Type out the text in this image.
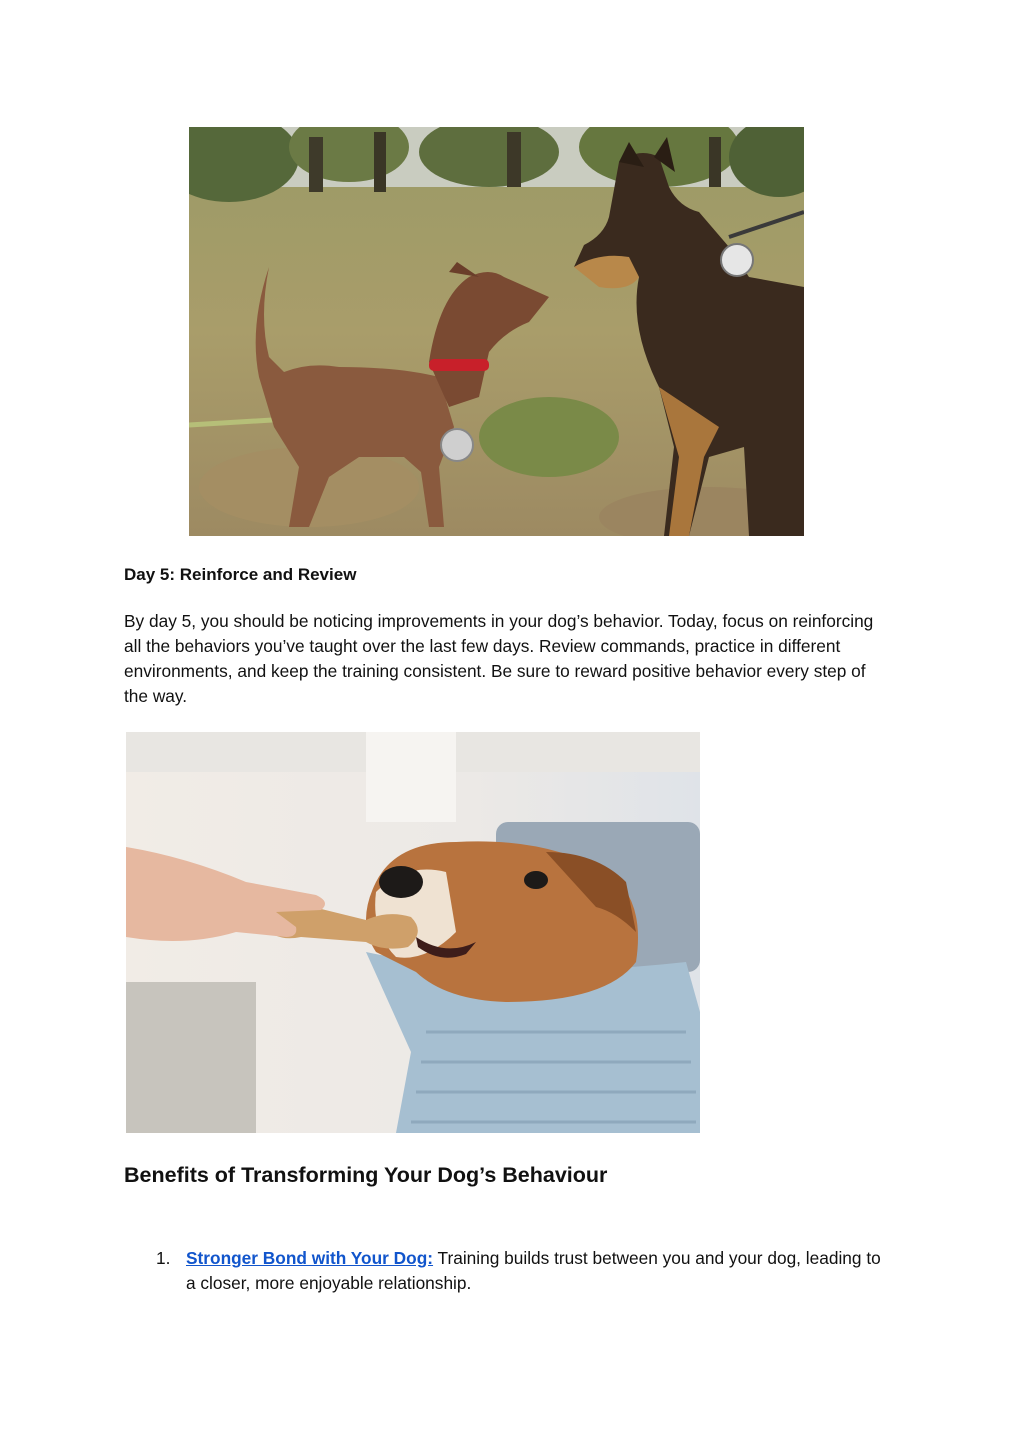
Day 5: Reinforce and Review

By day 5, you should be noticing improvements in your dog’s behavior. Today, focus on reinforcing all the behaviors you’ve taught over the last few days. Review commands, practice in different environments, and keep the training consistent. Be sure to reward positive behavior every step of the way.

Benefits of Transforming Your Dog’s Behaviour
1. Stronger Bond with Your Dog: Training builds trust between you and your dog, leading to a closer, more enjoyable relationship.
